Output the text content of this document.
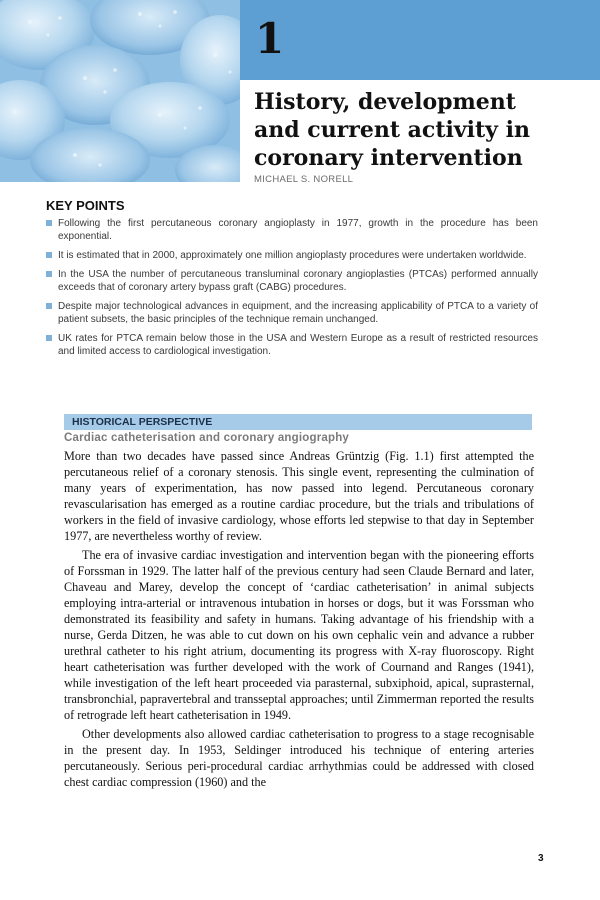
1
History, development
and current activity in
coronary intervention
MICHAEL S. NORELL
KEY POINTS
Following the first percutaneous coronary angioplasty in 1977, growth in the procedure has been exponential.
It is estimated that in 2000, approximately one million angioplasty procedures were undertaken worldwide.
In the USA the number of percutaneous transluminal coronary angioplasties (PTCAs) performed annually exceeds that of coronary artery bypass graft (CABG) procedures.
Despite major technological advances in equipment, and the increasing applicability of PTCA to a variety of patient subsets, the basic principles of the technique remain unchanged.
UK rates for PTCA remain below those in the USA and Western Europe as a result of restricted resources and limited access to cardiological investigation.
HISTORICAL PERSPECTIVE
Cardiac catheterisation and coronary angiography

More than two decades have passed since Andreas Grüntzig (Fig. 1.1) first attempted the percutaneous relief of a coronary stenosis. This single event, representing the culmination of many years of experimentation, has now passed into legend. Percutaneous coronary revascularisation has emerged as a routine cardiac procedure, but the trials and tribulations of workers in the field of invasive cardiology, whose efforts led stepwise to that day in September 1977, are nevertheless worthy of review.

The era of invasive cardiac investigation and intervention began with the pioneering efforts of Forssman in 1929. The latter half of the previous century had seen Claude Bernard and later, Chaveau and Marey, develop the concept of ‘cardiac catheterisation’ in animal subjects employing intra-arterial or intravenous intubation in horses or dogs, but it was Forssman who demonstrated its feasibility and safety in humans. Taking advantage of his friendship with a nurse, Gerda Ditzen, he was able to cut down on his own cephalic vein and advance a rubber urethral catheter to his right atrium, documenting its progress with X-ray fluoroscopy. Right heart catheterisation was further developed with the work of Cournand and Ranges (1941), while investigation of the left heart proceeded via parasternal, subxiphoid, apical, suprasternal, transbronchial, papravertebral and transseptal approaches; until Zimmerman reported the results of retrograde left heart catheterisation in 1949.

Other developments also allowed cardiac catheterisation to progress to a stage recognisable in the present day. In 1953, Seldinger introduced his technique of entering arteries percutaneously. Serious peri-procedural cardiac arrhythmias could be addressed with closed chest cardiac compression (1960) and the

3
